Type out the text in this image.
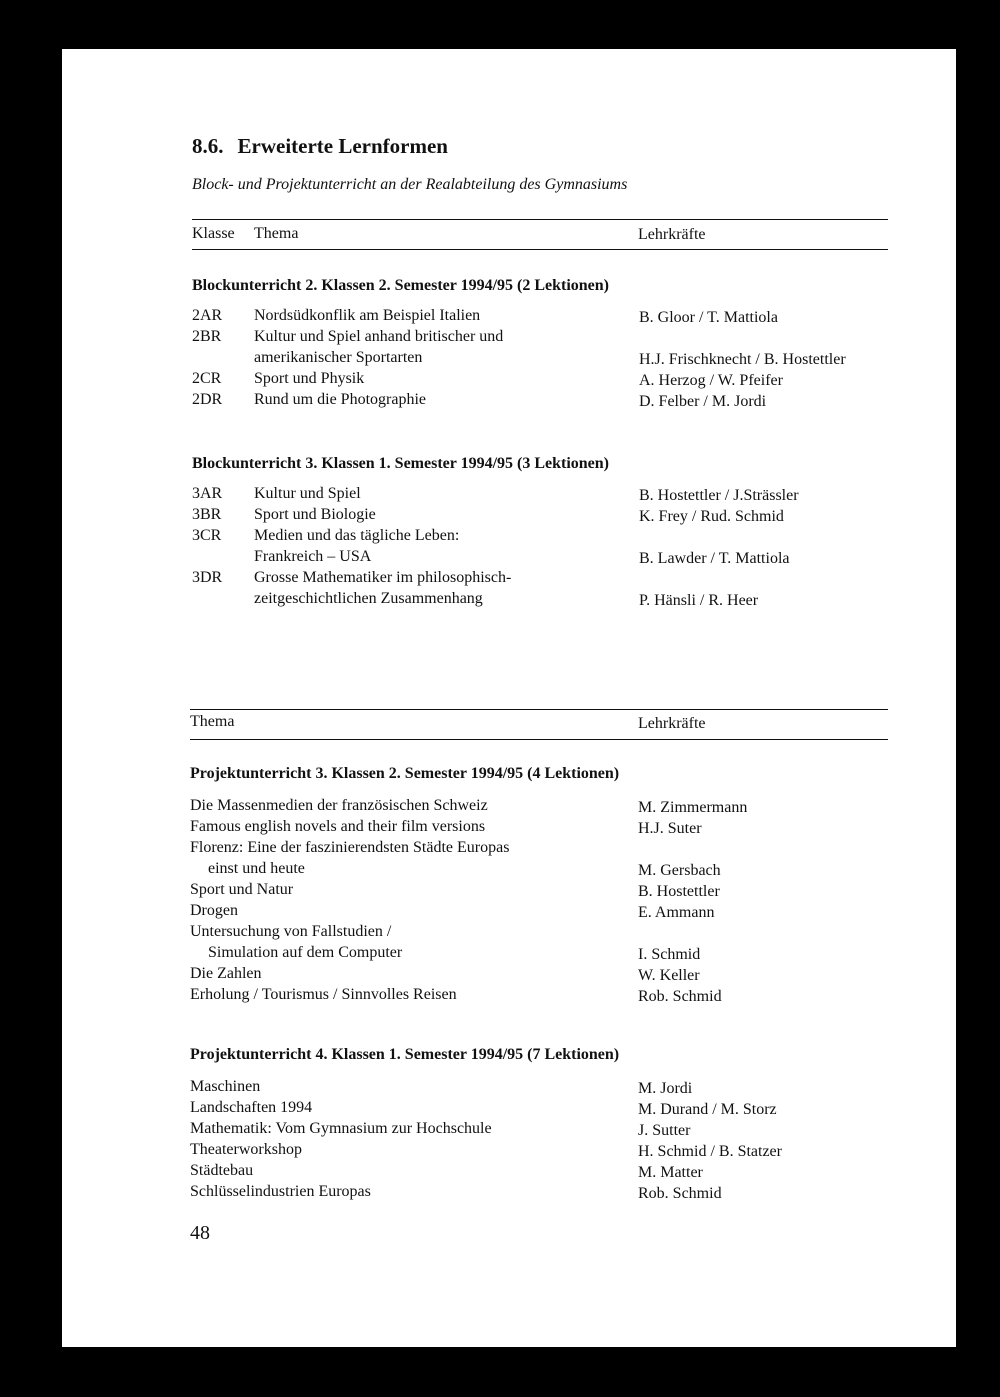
8.6. Erweiterte Lernformen
Block- und Projektunterricht an der Realabteilung des Gymnasiums
Klasse Thema	Lehrkräfte
Blockunterricht 2. Klassen 2. Semester 1994/95 (2 Lektionen)
2AR Nordsüdkonflik am Beispiel Italien	B. Gloor / T. Mattiola
2BR Kultur und Spiel anhand britischer und
amerikanischer Sportarten	H.J. Frischknecht / B. Hostettler
2CR Sport und Physik	A. Herzog / W. Pfeifer
2DR Rund um die Photographie	D. Felber / M. Jordi
Blockunterricht 3. Klassen 1. Semester 1994/95 (3 Lektionen)
3AR Kultur und Spiel	B. Hostettler / J.Strässler
3BR Sport und Biologie	K. Frey / Rud. Schmid
3CR Medien und das tägliche Leben:
Frankreich – USA	B. Lawder / T. Mattiola
3DR Grosse Mathematiker im philosophisch-
zeitgeschichtlichen Zusammenhang	P. Hänsli / R. Heer
Thema	Lehrkräfte
Projektunterricht 3. Klassen 2. Semester 1994/95 (4 Lektionen)
Die Massenmedien der französischen Schweiz	M. Zimmermann
Famous english novels and their film versions	H.J. Suter
Florenz: Eine der faszinierendsten Städte Europas
einst und heute	M. Gersbach
Sport und Natur	B. Hostettler
Drogen	E. Ammann
Untersuchung von Fallstudien /
Simulation auf dem Computer	I. Schmid
Die Zahlen	W. Keller
Erholung / Tourismus / Sinnvolles Reisen	Rob. Schmid
Projektunterricht 4. Klassen 1. Semester 1994/95 (7 Lektionen)
Maschinen	M. Jordi
Landschaften 1994	M. Durand / M. Storz
Mathematik: Vom Gymnasium zur Hochschule	J. Sutter
Theaterworkshop	H. Schmid / B. Statzer
Städtebau	M. Matter
Schlüsselindustrien Europas	Rob. Schmid
48
